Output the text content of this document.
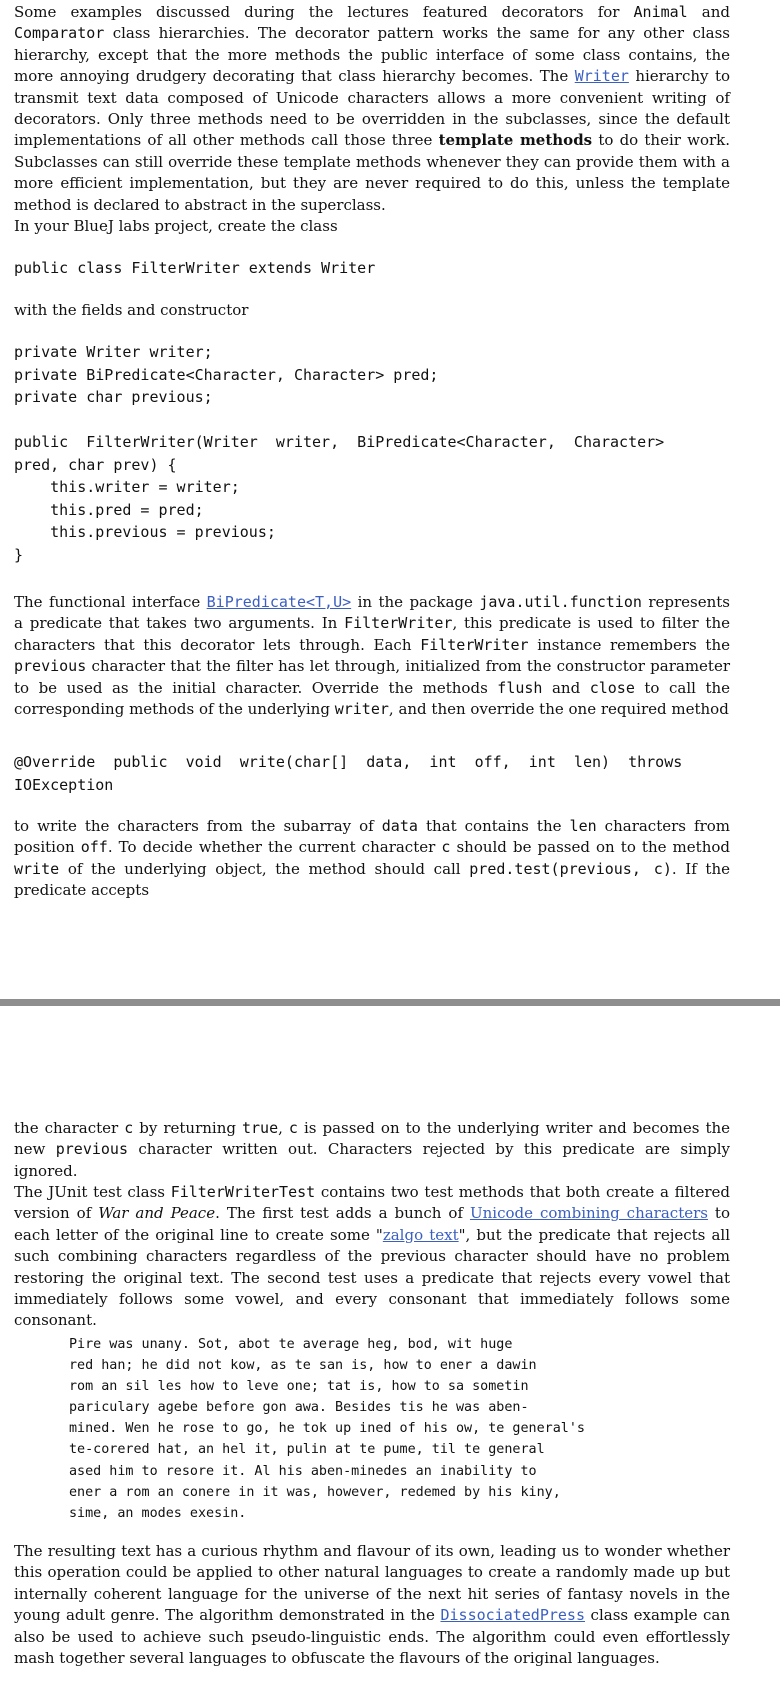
Some examples discussed during the lectures featured decorators for Animal and Comparator class hierarchies. The decorator pattern works the same for any other class hierarchy, except that the more methods the public interface of some class contains, the more annoying drudgery decorating that class hierarchy becomes. The Writer hierarchy to transmit text data composed of Unicode characters allows a more convenient writing of decorators. Only three methods need to be overridden in the subclasses, since the default implementations of all other methods call those three template methods to do their work. Subclasses can still override these template methods whenever they can provide them with a more efficient implementation, but they are never required to do this, unless the template method is declared to abstract in the superclass.

In your BlueJ labs project, create the class

public class FilterWriter extends Writer

with the fields and constructor

private Writer writer;
private BiPredicate<Character, Character> pred;
private char previous;
public  FilterWriter(Writer  writer,  BiPredicate<Character,  Character>
pred, char prev) {
this.writer = writer;
this.pred = pred;
this.previous = previous;
}

The functional interface BiPredicate<T,U> in the package java.util.function represents a predicate that takes two arguments. In FilterWriter, this predicate is used to filter the characters that this decorator lets through. Each FilterWriter instance remembers the previous character that the filter has let through, initialized from the constructor parameter to be used as the initial character. Override the methods flush and close to call the corresponding methods of the underlying writer, and then override the one required method

@Override  public  void  write(char[]  data,  int  off,  int  len)  throws
IOException

to write the characters from the subarray of data that contains the len characters from position off. To decide whether the current character c should be passed on to the method write of the underlying object, the method should call pred.test(previous, c). If the predicate accepts

the character c by returning true, c is passed on to the underlying writer and becomes the new previous character written out. Characters rejected by this predicate are simply ignored.

The JUnit test class FilterWriterTest contains two test methods that both create a filtered version of War and Peace. The first test adds a bunch of Unicode combining characters to each letter of the original line to create some "zalgo text", but the predicate that rejects all such combining characters regardless of the previous character should have no problem restoring the original text. The second test uses a predicate that rejects every vowel that immediately follows some vowel, and every consonant that immediately follows some consonant.

Pire was unany. Sot, abot te average heg, bod, wit huge
red han; he did not kow, as te san is, how to ener a dawin
rom an sil les how to leve one; tat is, how to sa sometin
pariculary agebe before gon awa. Besides tis he was aben-
mined. Wen he rose to go, he tok up ined of his ow, te general's
te-corered hat, an hel it, pulin at te pume, til te general
ased him to resore it. Al his aben-minedes an inability to
ener a rom an conere in it was, however, redemed by his kiny,
sime, an modes exesin.

The resulting text has a curious rhythm and flavour of its own, leading us to wonder whether this operation could be applied to other natural languages to create a randomly made up but internally coherent language for the universe of the next hit series of fantasy novels in the young adult genre. The algorithm demonstrated in the DissociatedPress class example can also be used to achieve such pseudo-linguistic ends. The algorithm could even effortlessly mash together several languages to obfuscate the flavours of the original languages.
